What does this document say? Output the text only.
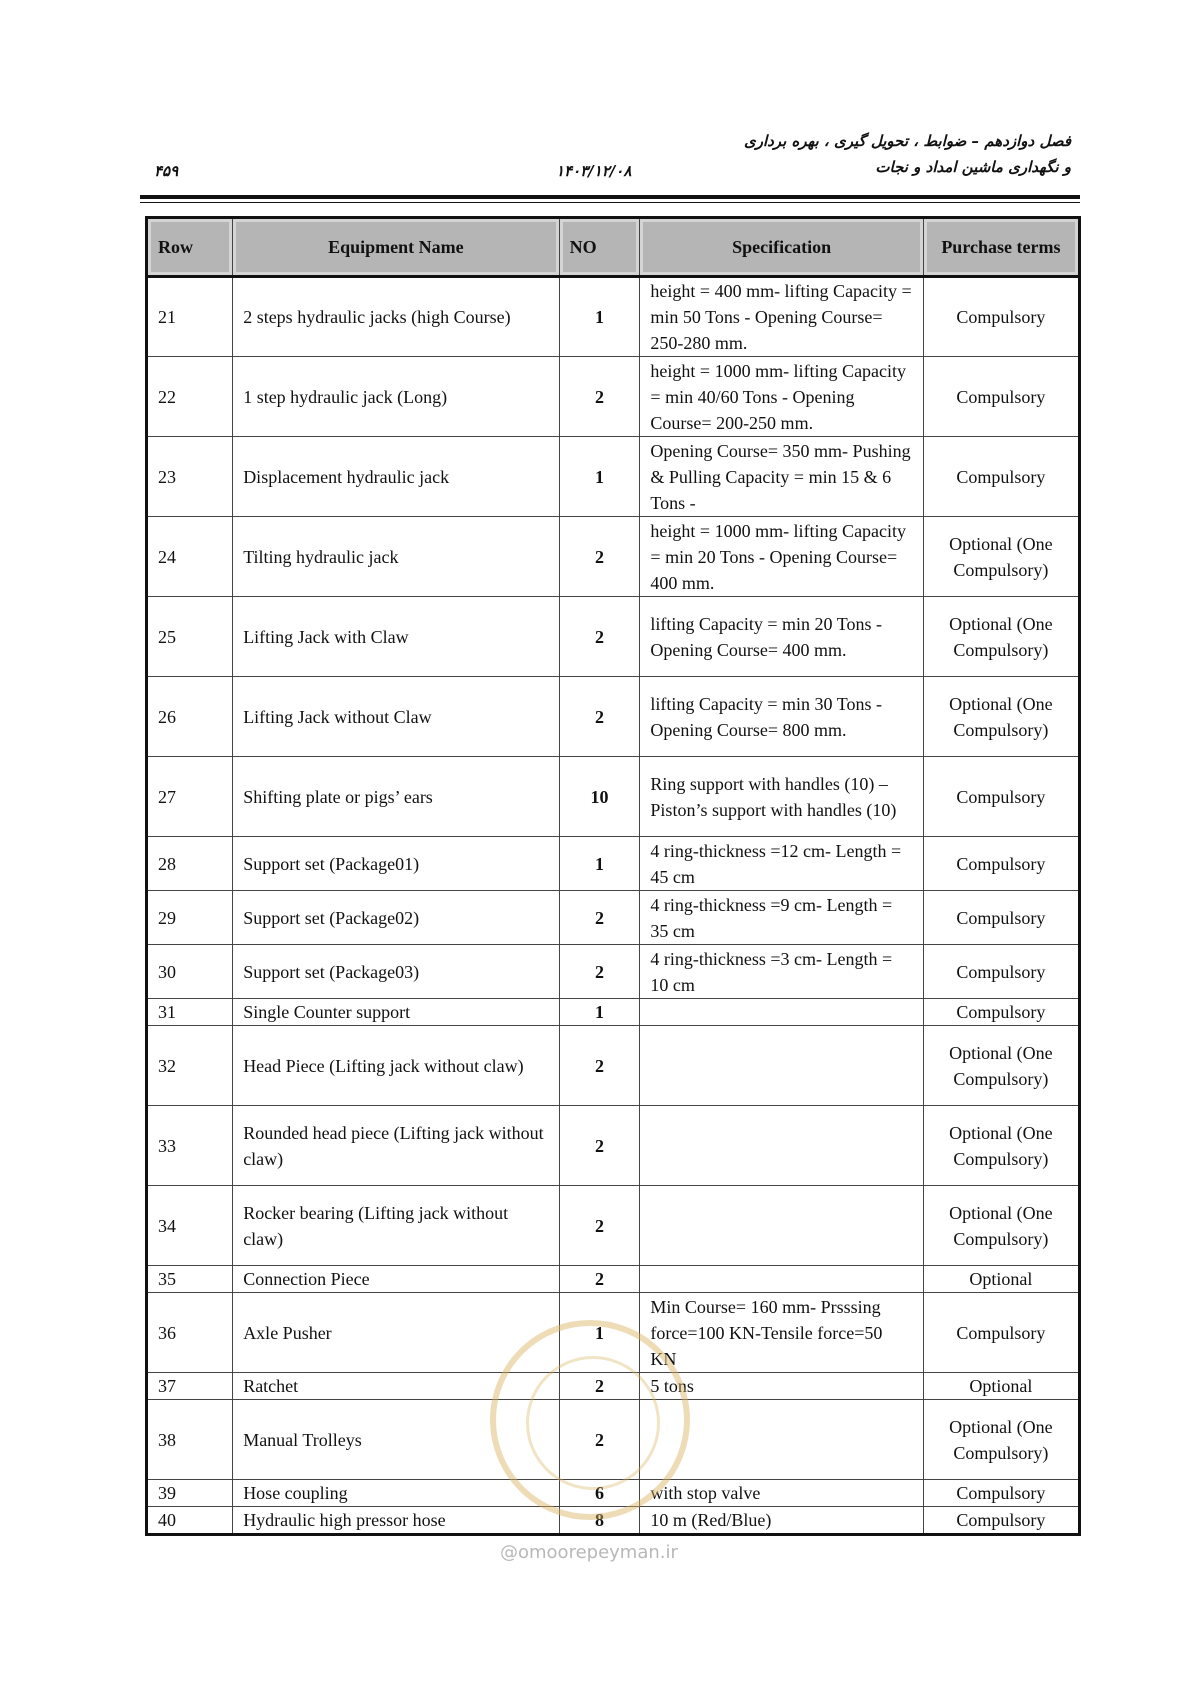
فصل دوازدهم – ضوابط ، تحویل گیری ، بهره برداری
و نگهداری ماشین امداد و نجات
۱۴۰۳/۱۲/۰۸
۴۵۹
Row	Equipment Name	NO	Specification	Purchase terms
21	2 steps hydraulic jacks (high Course)	1	height = 400 mm- lifting Capacity = min 50 Tons - Opening Course= 250-280 mm.	Compulsory
22	1 step hydraulic jack (Long)	2	height = 1000 mm- lifting Capacity = min 40/60 Tons - Opening Course= 200-250 mm.	Compulsory
23	Displacement hydraulic jack	1	Opening Course= 350 mm- Pushing & Pulling Capacity = min 15 & 6 Tons -	Compulsory
24	Tilting hydraulic jack	2	height = 1000 mm- lifting Capacity = min 20 Tons - Opening Course= 400 mm.	Optional (One Compulsory)
25	Lifting Jack with Claw	2	lifting Capacity = min 20 Tons -Opening Course= 400 mm.	Optional (One Compulsory)
26	Lifting Jack without Claw	2	lifting Capacity = min 30 Tons -Opening Course= 800 mm.	Optional (One Compulsory)
27	Shifting plate or pigs’ ears	10	Ring support with handles (10) – Piston’s support with handles (10)	Compulsory
28	Support set (Package01)	1	4 ring-thickness =12 cm- Length = 45 cm	Compulsory
29	Support set (Package02)	2	4 ring-thickness =9 cm- Length = 35 cm	Compulsory
30	Support set (Package03)	2	4 ring-thickness =3 cm- Length = 10 cm	Compulsory
31	Single Counter support	1		Compulsory
32	Head Piece (Lifting jack without claw)	2		Optional (One Compulsory)
33	Rounded head piece (Lifting jack without claw)	2		Optional (One Compulsory)
34	Rocker bearing (Lifting jack without claw)	2		Optional (One Compulsory)
35	Connection Piece	2		Optional
36	Axle Pusher	1	Min Course= 160 mm- Prsssing force=100 KN-Tensile force=50 KN	Compulsory
37	Ratchet	2	5 tons	Optional
38	Manual Trolleys	2		Optional (One Compulsory)
39	Hose coupling	6	with stop valve	Compulsory
40	Hydraulic high pressor hose	8	10 m (Red/Blue)	Compulsory
@omoorepeyman.ir
